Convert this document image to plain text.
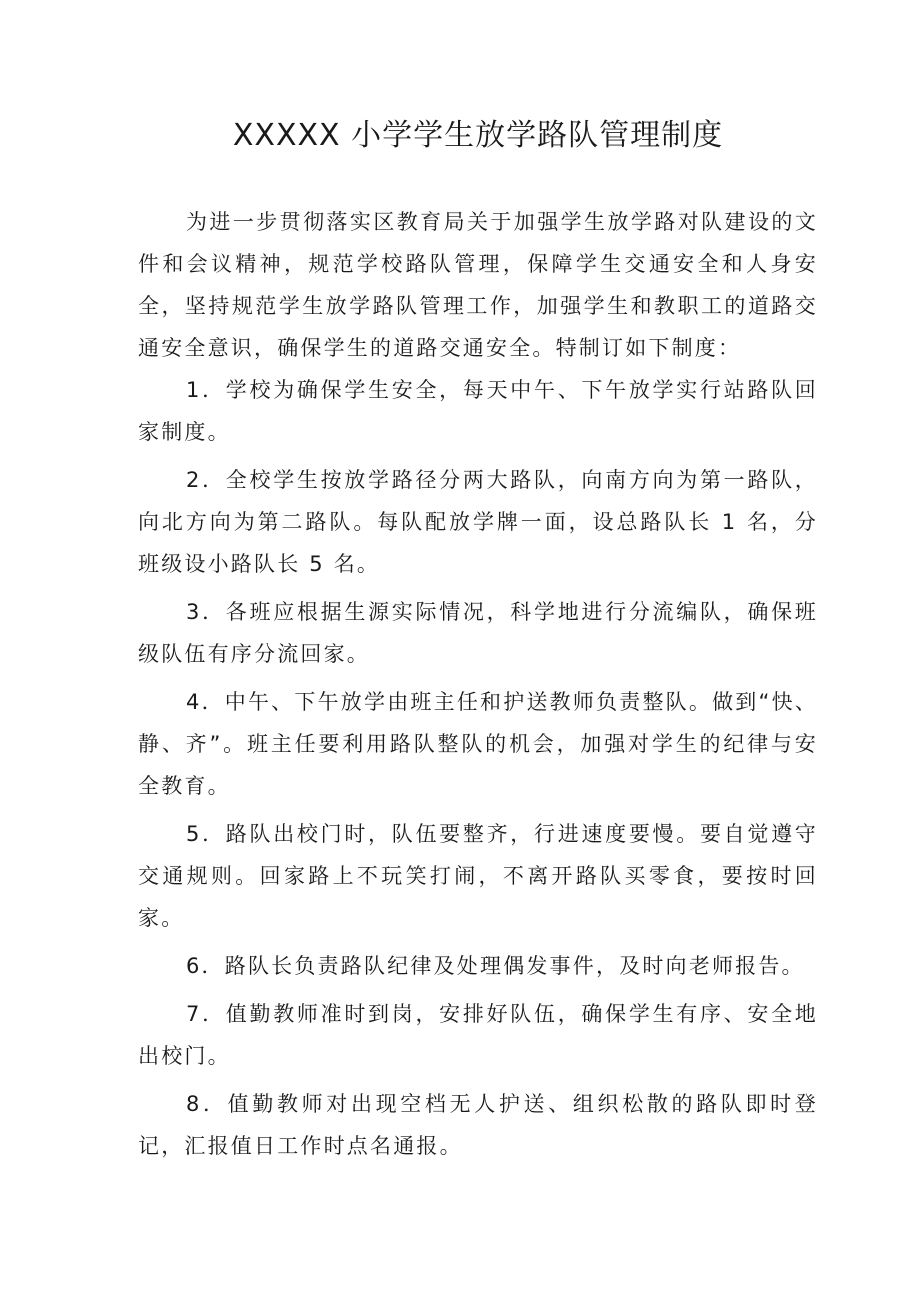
XXXXX 小学学生放学路队管理制度

为进一步贯彻落实区教育局关于加强学生放学路对队建设的文件和会议精神，规范学校路队管理，保障学生交通安全和人身安全，坚持规范学生放学路队管理工作，加强学生和教职工的道路交通安全意识，确保学生的道路交通安全。特制订如下制度：

1．学校为确保学生安全，每天中午、下午放学实行站路队回家制度。

2．全校学生按放学路径分两大路队，向南方向为第一路队，向北方向为第二路队。每队配放学牌一面，设总路队长 1 名，分班级设小路队长 5 名。

3．各班应根据生源实际情况，科学地进行分流编队，确保班级队伍有序分流回家。

4．中午、下午放学由班主任和护送教师负责整队。做到“快、静、齐”。班主任要利用路队整队的机会，加强对学生的纪律与安全教育。

5．路队出校门时，队伍要整齐，行进速度要慢。要自觉遵守交通规则。回家路上不玩笑打闹，不离开路队买零食，要按时回家。

6．路队长负责路队纪律及处理偶发事件，及时向老师报告。

7．值勤教师准时到岗，安排好队伍，确保学生有序、安全地出校门。

8．值勤教师对出现空档无人护送、组织松散的路队即时登记，汇报值日工作时点名通报。
